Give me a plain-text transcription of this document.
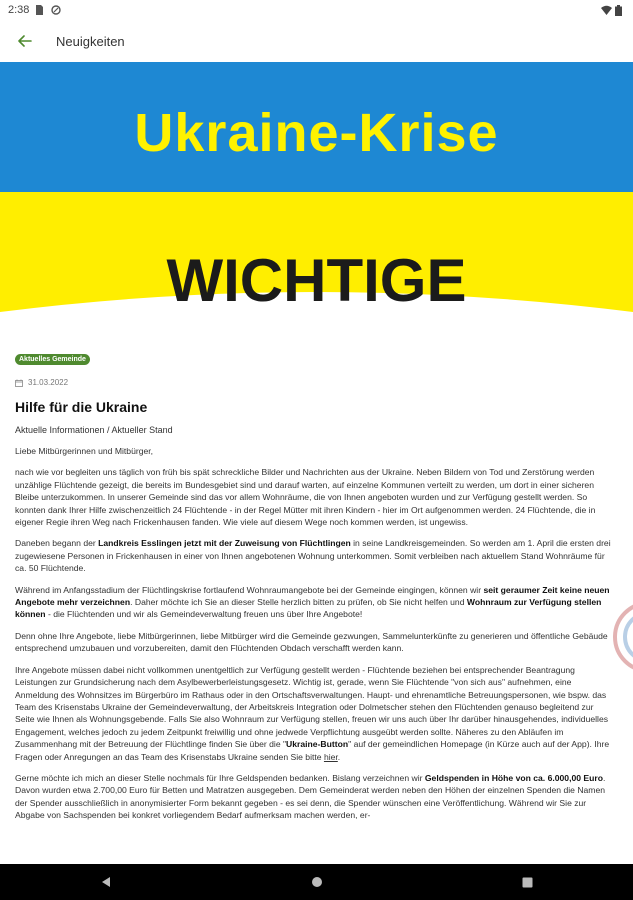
2:38
Neuigkeiten
Ukraine-Krise
WICHTIGE
Aktuelles Gemeinde
31.03.2022
Hilfe für die Ukraine
Aktuelle Informationen / Aktueller Stand
Liebe Mitbürgerinnen und Mitbürger,
nach wie vor begleiten uns täglich von früh bis spät schreckliche Bilder und Nachrichten aus der Ukraine. Neben Bildern von Tod und Zerstörung werden unzählige Flüchtende gezeigt, die bereits im Bundesgebiet sind und darauf warten, auf einzelne Kommunen verteilt zu werden, um dort in einer sicheren Bleibe unterzukommen. In unserer Gemeinde sind das vor allem Wohnräume, die von Ihnen angeboten wurden und zur Verfügung gestellt werden. So konnten dank Ihrer Hilfe zwischenzeitlich 24 Flüchtende - in der Regel Mütter mit ihren Kindern - hier im Ort aufgenommen werden. 24 Flüchtende, die in eigener Regie ihren Weg nach Frickenhausen fanden. Wie viele auf diesem Wege noch kommen werden, ist ungewiss.
Daneben begann der Landkreis Esslingen jetzt mit der Zuweisung von Flüchtlingen in seine Landkreisgemeinden. So werden am 1. April die ersten drei zugewiesene Personen in Frickenhausen in einer von Ihnen angebotenen Wohnung unterkommen. Somit verbleiben nach aktuellem Stand Wohnräume für ca. 50 Flüchtende.
Während im Anfangsstadium der Flüchtlingskrise fortlaufend Wohnraumangebote bei der Gemeinde eingingen, können wir seit geraumer Zeit keine neuen Angebote mehr verzeichnen. Daher möchte ich Sie an dieser Stelle herzlich bitten zu prüfen, ob Sie nicht helfen und Wohnraum zur Verfügung stellen können - die Flüchtenden und wir als Gemeindeverwaltung freuen uns über Ihre Angebote!
Denn ohne Ihre Angebote, liebe Mitbürgerinnen, liebe Mitbürger wird die Gemeinde gezwungen, Sammelunterkünfte zu generieren und öffentliche Gebäude entsprechend umzubauen und vorzubereiten, damit den Flüchtenden Obdach verschafft werden kann.
Ihre Angebote müssen dabei nicht vollkommen unentgeltlich zur Verfügung gestellt werden - Flüchtende beziehen bei entsprechender Beantragung Leistungen zur Grundsicherung nach dem Asylbewerberleistungsgesetz. Wichtig ist, gerade, wenn Sie Flüchtende "von sich aus" aufnehmen, eine Anmeldung des Wohnsitzes im Bürgerbüro im Rathaus oder in den Ortschaftsverwaltungen. Haupt- und ehrenamtliche Betreuungspersonen, wie bspw. das Team des Krisenstabs Ukraine der Gemeindeverwaltung, der Arbeitskreis Integration oder Dolmetscher stehen den Flüchtenden genauso begleitend zur Seite wie Ihnen als Wohnungsgebende. Falls Sie also Wohnraum zur Verfügung stellen, freuen wir uns auch über Ihr darüber hinausgehendes, individuelles Engagement, welches jedoch zu jedem Zeitpunkt freiwillig und ohne jedwede Verpflichtung ausgeübt werden sollte. Näheres zu den Abläufen im Zusammenhang mit der Betreuung der Flüchtlinge finden Sie über die "Ukraine-Button" auf der gemeindlichen Homepage (in Kürze auch auf der App). Ihre Fragen oder Anregungen an das Team des Krisenstabs Ukraine senden Sie bitte hier.
Gerne möchte ich mich an dieser Stelle nochmals für Ihre Geldspenden bedanken. Bislang verzeichnen wir Geldspenden in Höhe von ca. 6.000,00 Euro. Davon wurden etwa 2.700,00 Euro für Betten und Matratzen ausgegeben. Dem Gemeinderat werden neben den Höhen der einzelnen Spenden die Namen der Spender ausschließlich in anonymisierter Form bekannt gegeben - es sei denn, die Spender wünschen eine Veröffentlichung. Während wir Sie zur Abgabe von Sachspenden bei konkret vorliegendem Bedarf aufmerksam machen werden, er-
